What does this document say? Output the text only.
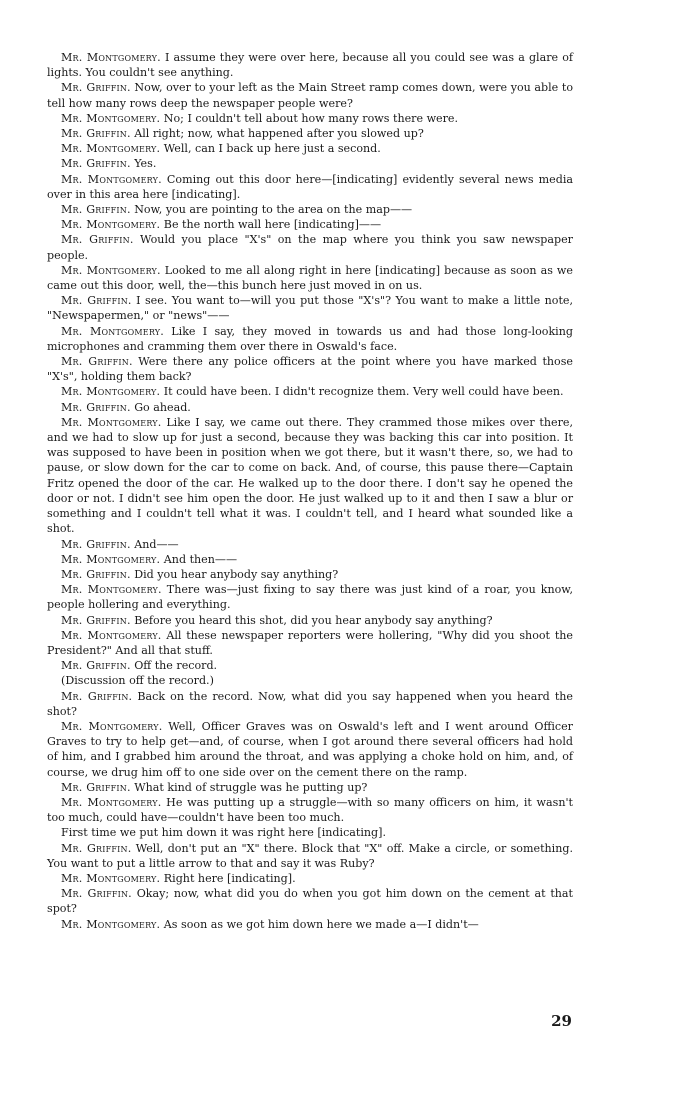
Mr. Montgomery. I assume they were over here, because all you could see was a glare of lights. You couldn't see anything.

Mr. Griffin. Now, over to your left as the Main Street ramp comes down, were you able to tell how many rows deep the newspaper people were?

Mr. Montgomery. No; I couldn't tell about how many rows there were.

Mr. Griffin. All right; now, what happened after you slowed up?

Mr. Montgomery. Well, can I back up here just a second.

Mr. Griffin. Yes.

Mr. Montgomery. Coming out this door here—[indicating] evidently several news media over in this area here [indicating].

Mr. Griffin. Now, you are pointing to the area on the map——

Mr. Montgomery. Be the north wall here [indicating]——

Mr. Griffin. Would you place "X's" on the map where you think you saw newspaper people.

Mr. Montgomery. Looked to me all along right in here [indicating] because as soon as we came out this door, well, the—this bunch here just moved in on us.

Mr. Griffin. I see. You want to—will you put those "X's"? You want to make a little note, "Newspapermen," or "news"——

Mr. Montgomery. Like I say, they moved in towards us and had those long-looking microphones and cramming them over there in Oswald's face.

Mr. Griffin. Were there any police officers at the point where you have marked those "X's", holding them back?

Mr. Montgomery. It could have been. I didn't recognize them. Very well could have been.

Mr. Griffin. Go ahead.

Mr. Montgomery. Like I say, we came out there. They crammed those mikes over there, and we had to slow up for just a second, because they was backing this car into position. It was supposed to have been in position when we got there, but it wasn't there, so, we had to pause, or slow down for the car to come on back. And, of course, this pause there—Captain Fritz opened the door of the car. He walked up to the door there. I don't say he opened the door or not. I didn't see him open the door. He just walked up to it and then I saw a blur or something and I couldn't tell what it was. I couldn't tell, and I heard what sounded like a shot.

Mr. Griffin. And——

Mr. Montgomery. And then——

Mr. Griffin. Did you hear anybody say anything?

Mr. Montgomery. There was—just fixing to say there was just kind of a roar, you know, people hollering and everything.

Mr. Griffin. Before you heard this shot, did you hear anybody say anything?

Mr. Montgomery. All these newspaper reporters were hollering, "Why did you shoot the President?" And all that stuff.

Mr. Griffin. Off the record.

(Discussion off the record.)

Mr. Griffin. Back on the record. Now, what did you say happened when you heard the shot?

Mr. Montgomery. Well, Officer Graves was on Oswald's left and I went around Officer Graves to try to help get—and, of course, when I got around there several officers had hold of him, and I grabbed him around the throat, and was applying a choke hold on him, and, of course, we drug him off to one side over on the cement there on the ramp.

Mr. Griffin. What kind of struggle was he putting up?

Mr. Montgomery. He was putting up a struggle—with so many officers on him, it wasn't too much, could have—couldn't have been too much.

First time we put him down it was right here [indicating].

Mr. Griffin. Well, don't put an "X" there. Block that "X" off. Make a circle, or something. You want to put a little arrow to that and say it was Ruby?

Mr. Montgomery. Right here [indicating].

Mr. Griffin. Okay; now, what did you do when you got him down on the cement at that spot?

Mr. Montgomery. As soon as we got him down here we made a—I didn't—

29
